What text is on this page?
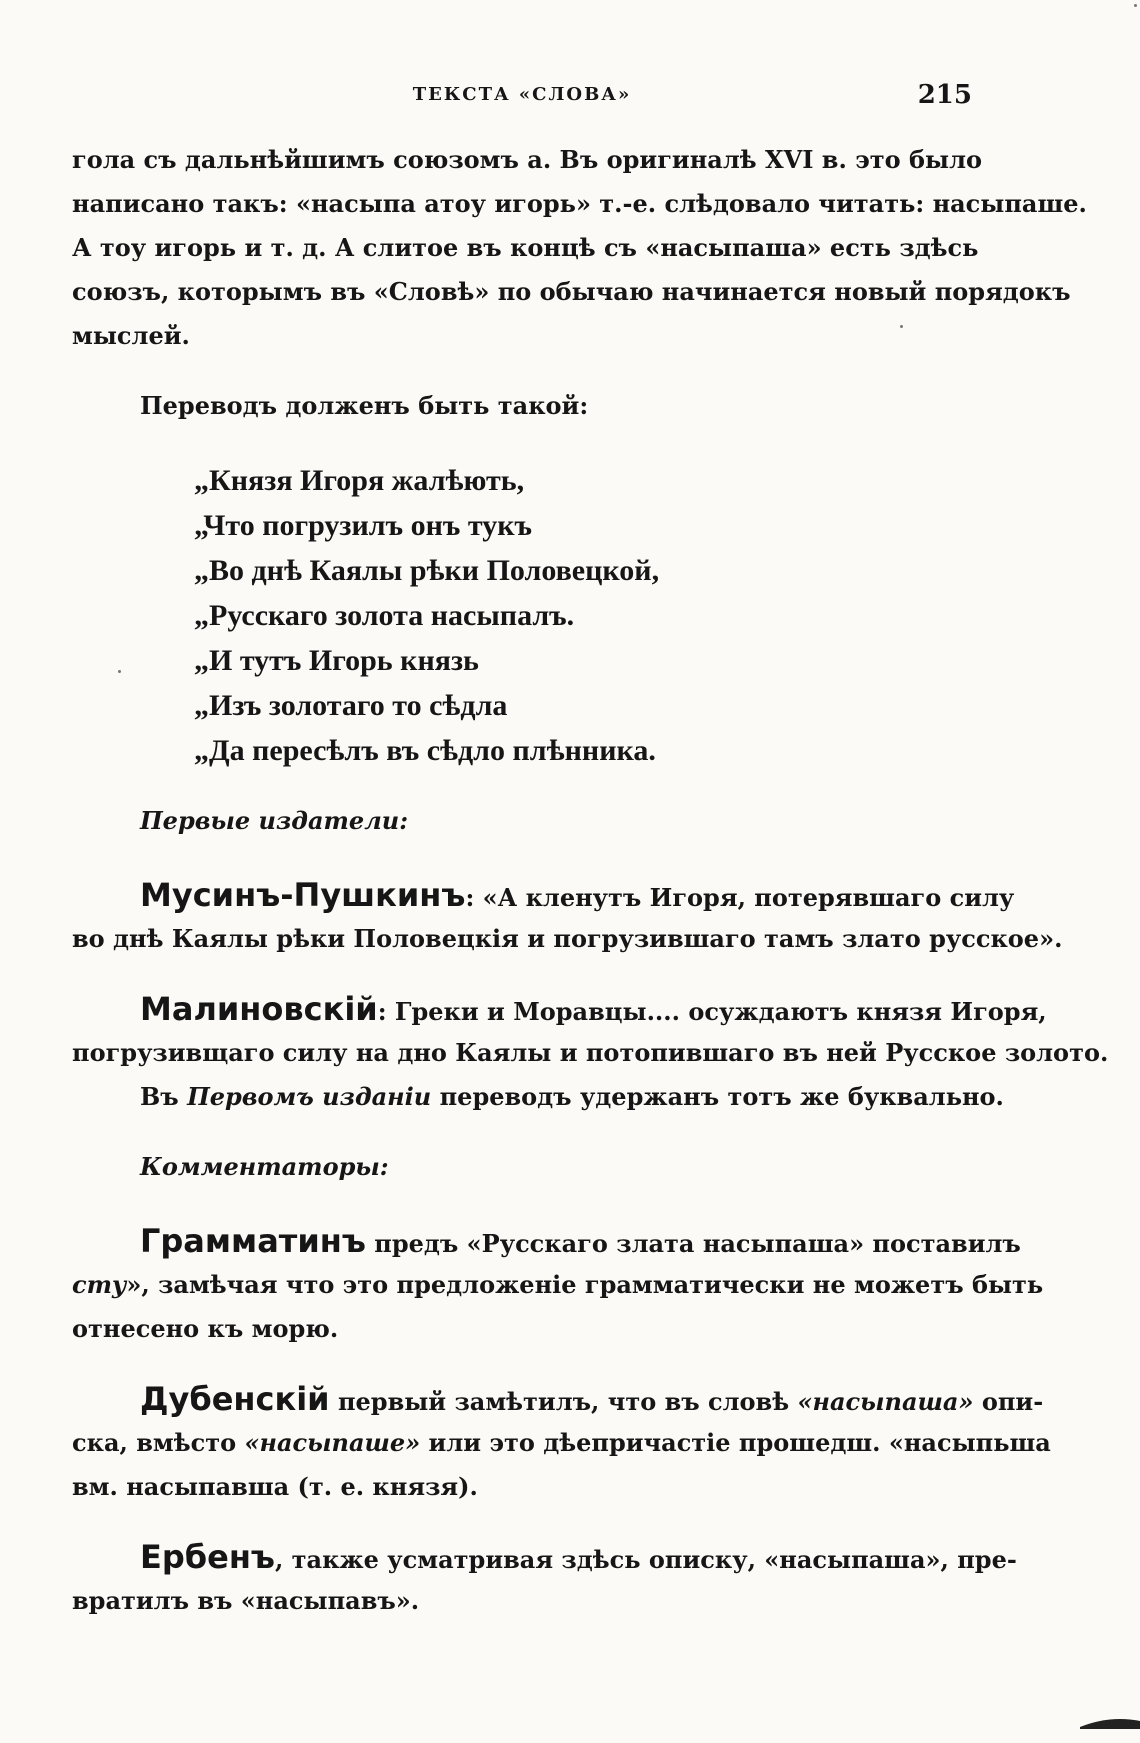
ТЕКСТА «СЛОВА»	215
гола съ дальнѣйшимъ союзомъ а. Въ оригиналѣ XVI в. это было
написано такъ: «насыпа атоу игорь» т.-е. слѣдовало читать: насыпаше.
А тоу игорь и т. д. А слитое въ концѣ съ «насыпаша» есть здѣсь
союзъ, которымъ въ «Словѣ» по обычаю начинается новый порядокъ
мыслей.
Переводъ долженъ быть такой:
„Князя Игоря жалѣють,
„Что погрузилъ онъ тукъ
„Во днѣ Каялы рѣки Половецкой,
„Русскаго золота насыпалъ.
„И тутъ Игорь князь
„Изъ золотаго то сѣдла
„Да пересѣлъ въ сѣдло плѣнника.
Первые издатели:
Мусинъ-Пушкинъ: «А кленутъ Игоря, потерявшаго силу
во днѣ Каялы рѣки Половецкія и погрузившаго тамъ злато русское».
Малиновскій: Греки и Моравцы.... осуждаютъ князя Игоря,
погрузивщаго силу на дно Каялы и потопившаго въ ней Русское золото.
Въ Первомъ изданіи переводъ удержанъ тотъ же буквально.
Комментаторы:
Грамматинъ предъ «Русскаго злата насыпаша» поставилъ
сту», замѣчая что это предложеніе грамматически не можетъ быть
отнесено къ морю.
Дубенскій первый замѣтилъ, что въ словѣ «насыпаша» опи-
ска, вмѣсто «насыпаше» или это дѣепричастіе прошедш. «насыпьша
вм. насыпавша (т. е. князя).
Ербенъ, также усматривая здѣсь описку, «насыпаша», пре-
вратилъ въ «насыпавъ».
